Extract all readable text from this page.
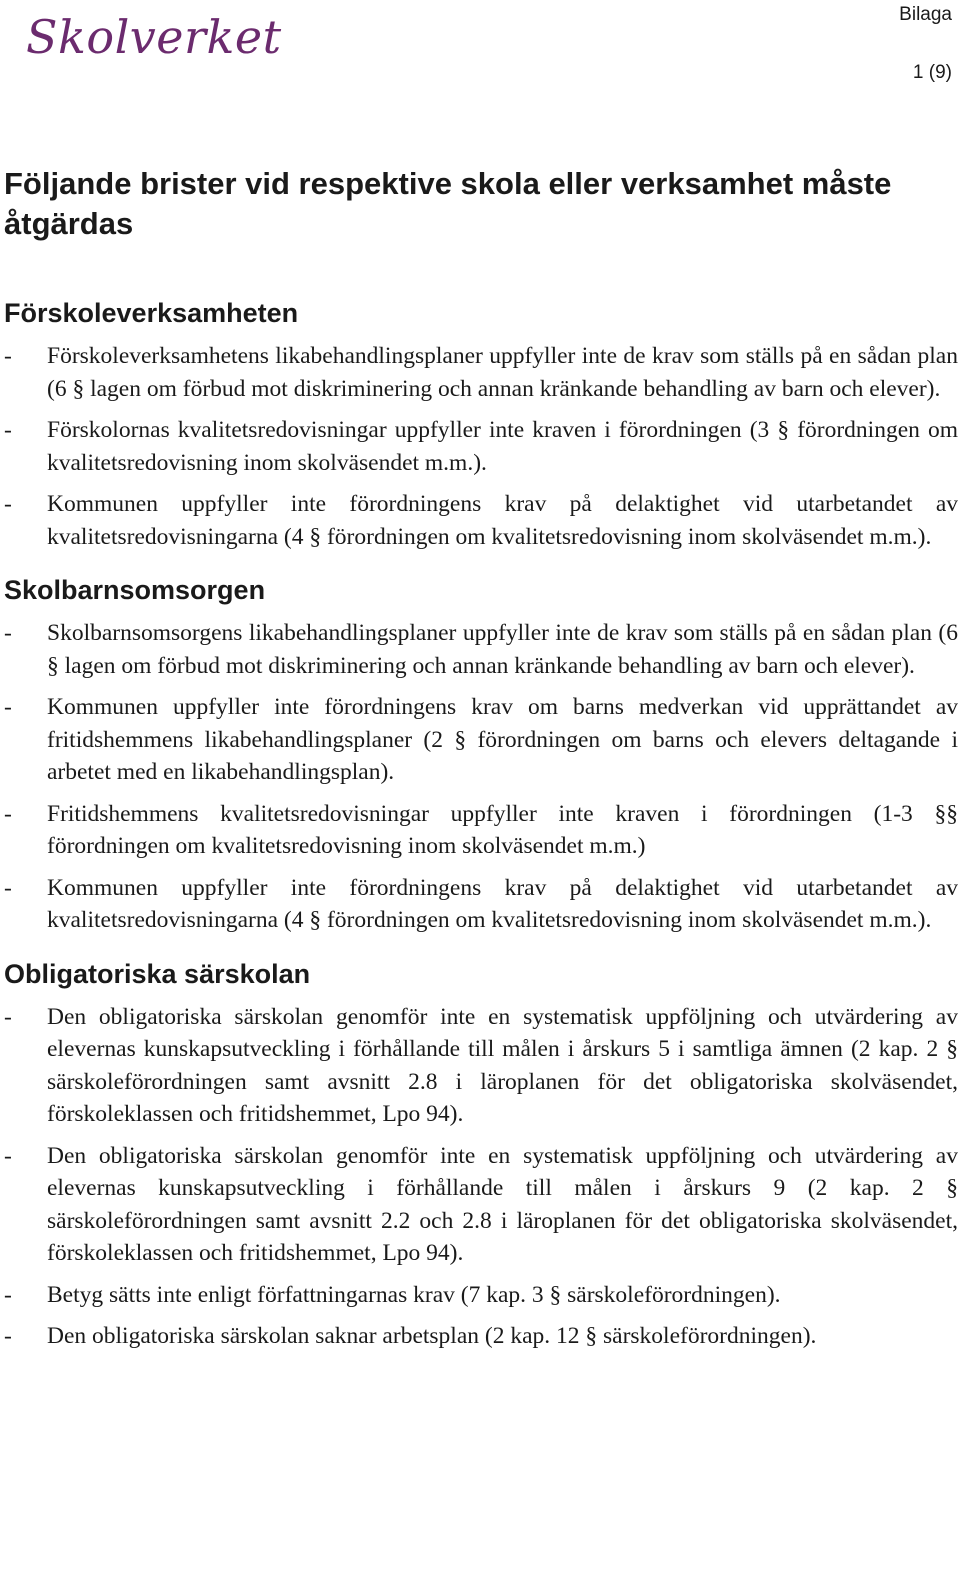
Skolverket	Bilaga
1 (9)
Följande brister vid respektive skola eller verksamhet måste åtgärdas
Förskoleverksamheten
- Förskoleverksamhetens likabehandlingsplaner uppfyller inte de krav som ställs på en sådan plan (6 § lagen om förbud mot diskriminering och annan kränkande behandling av barn och elever).
- Förskolornas kvalitetsredovisningar uppfyller inte kraven i förordningen (3 § förordningen om kvalitetsredovisning inom skolväsendet m.m.).
- Kommunen uppfyller inte förordningens krav på delaktighet vid utarbetandet av kvalitetsredovisningarna (4 § förordningen om kvalitetsredovisning inom skolväsendet m.m.).
Skolbarnsomsorgen
- Skolbarnsomsorgens likabehandlingsplaner uppfyller inte de krav som ställs på en sådan plan (6 § lagen om förbud mot diskriminering och annan kränkande behandling av barn och elever).
- Kommunen uppfyller inte förordningens krav om barns medverkan vid upprättandet av fritidshemmens likabehandlingsplaner (2 § förordningen om barns och elevers deltagande i arbetet med en likabehandlingsplan).
- Fritidshemmens kvalitetsredovisningar uppfyller inte kraven i förordningen (1-3 §§ förordningen om kvalitetsredovisning inom skolväsendet m.m.)
- Kommunen uppfyller inte förordningens krav på delaktighet vid utarbetandet av kvalitetsredovisningarna (4 § förordningen om kvalitetsredovisning inom skolväsendet m.m.).
Obligatoriska särskolan
- Den obligatoriska särskolan genomför inte en systematisk uppföljning och utvärdering av elevernas kunskapsutveckling i förhållande till målen i årskurs 5 i samtliga ämnen (2 kap. 2 § särskoleförordningen samt avsnitt 2.8 i läroplanen för det obligatoriska skolväsendet, förskoleklassen och fritidshemmet, Lpo 94).
- Den obligatoriska särskolan genomför inte en systematisk uppföljning och utvärdering av elevernas kunskapsutveckling i förhållande till målen i årskurs 9 (2 kap. 2 § särskoleförordningen samt avsnitt 2.2 och 2.8 i läroplanen för det obligatoriska skolväsendet, förskoleklassen och fritidshemmet, Lpo 94).
- Betyg sätts inte enligt författningarnas krav (7 kap. 3 § särskoleförordningen).
- Den obligatoriska särskolan saknar arbetsplan (2 kap. 12 § särskoleförordningen).
